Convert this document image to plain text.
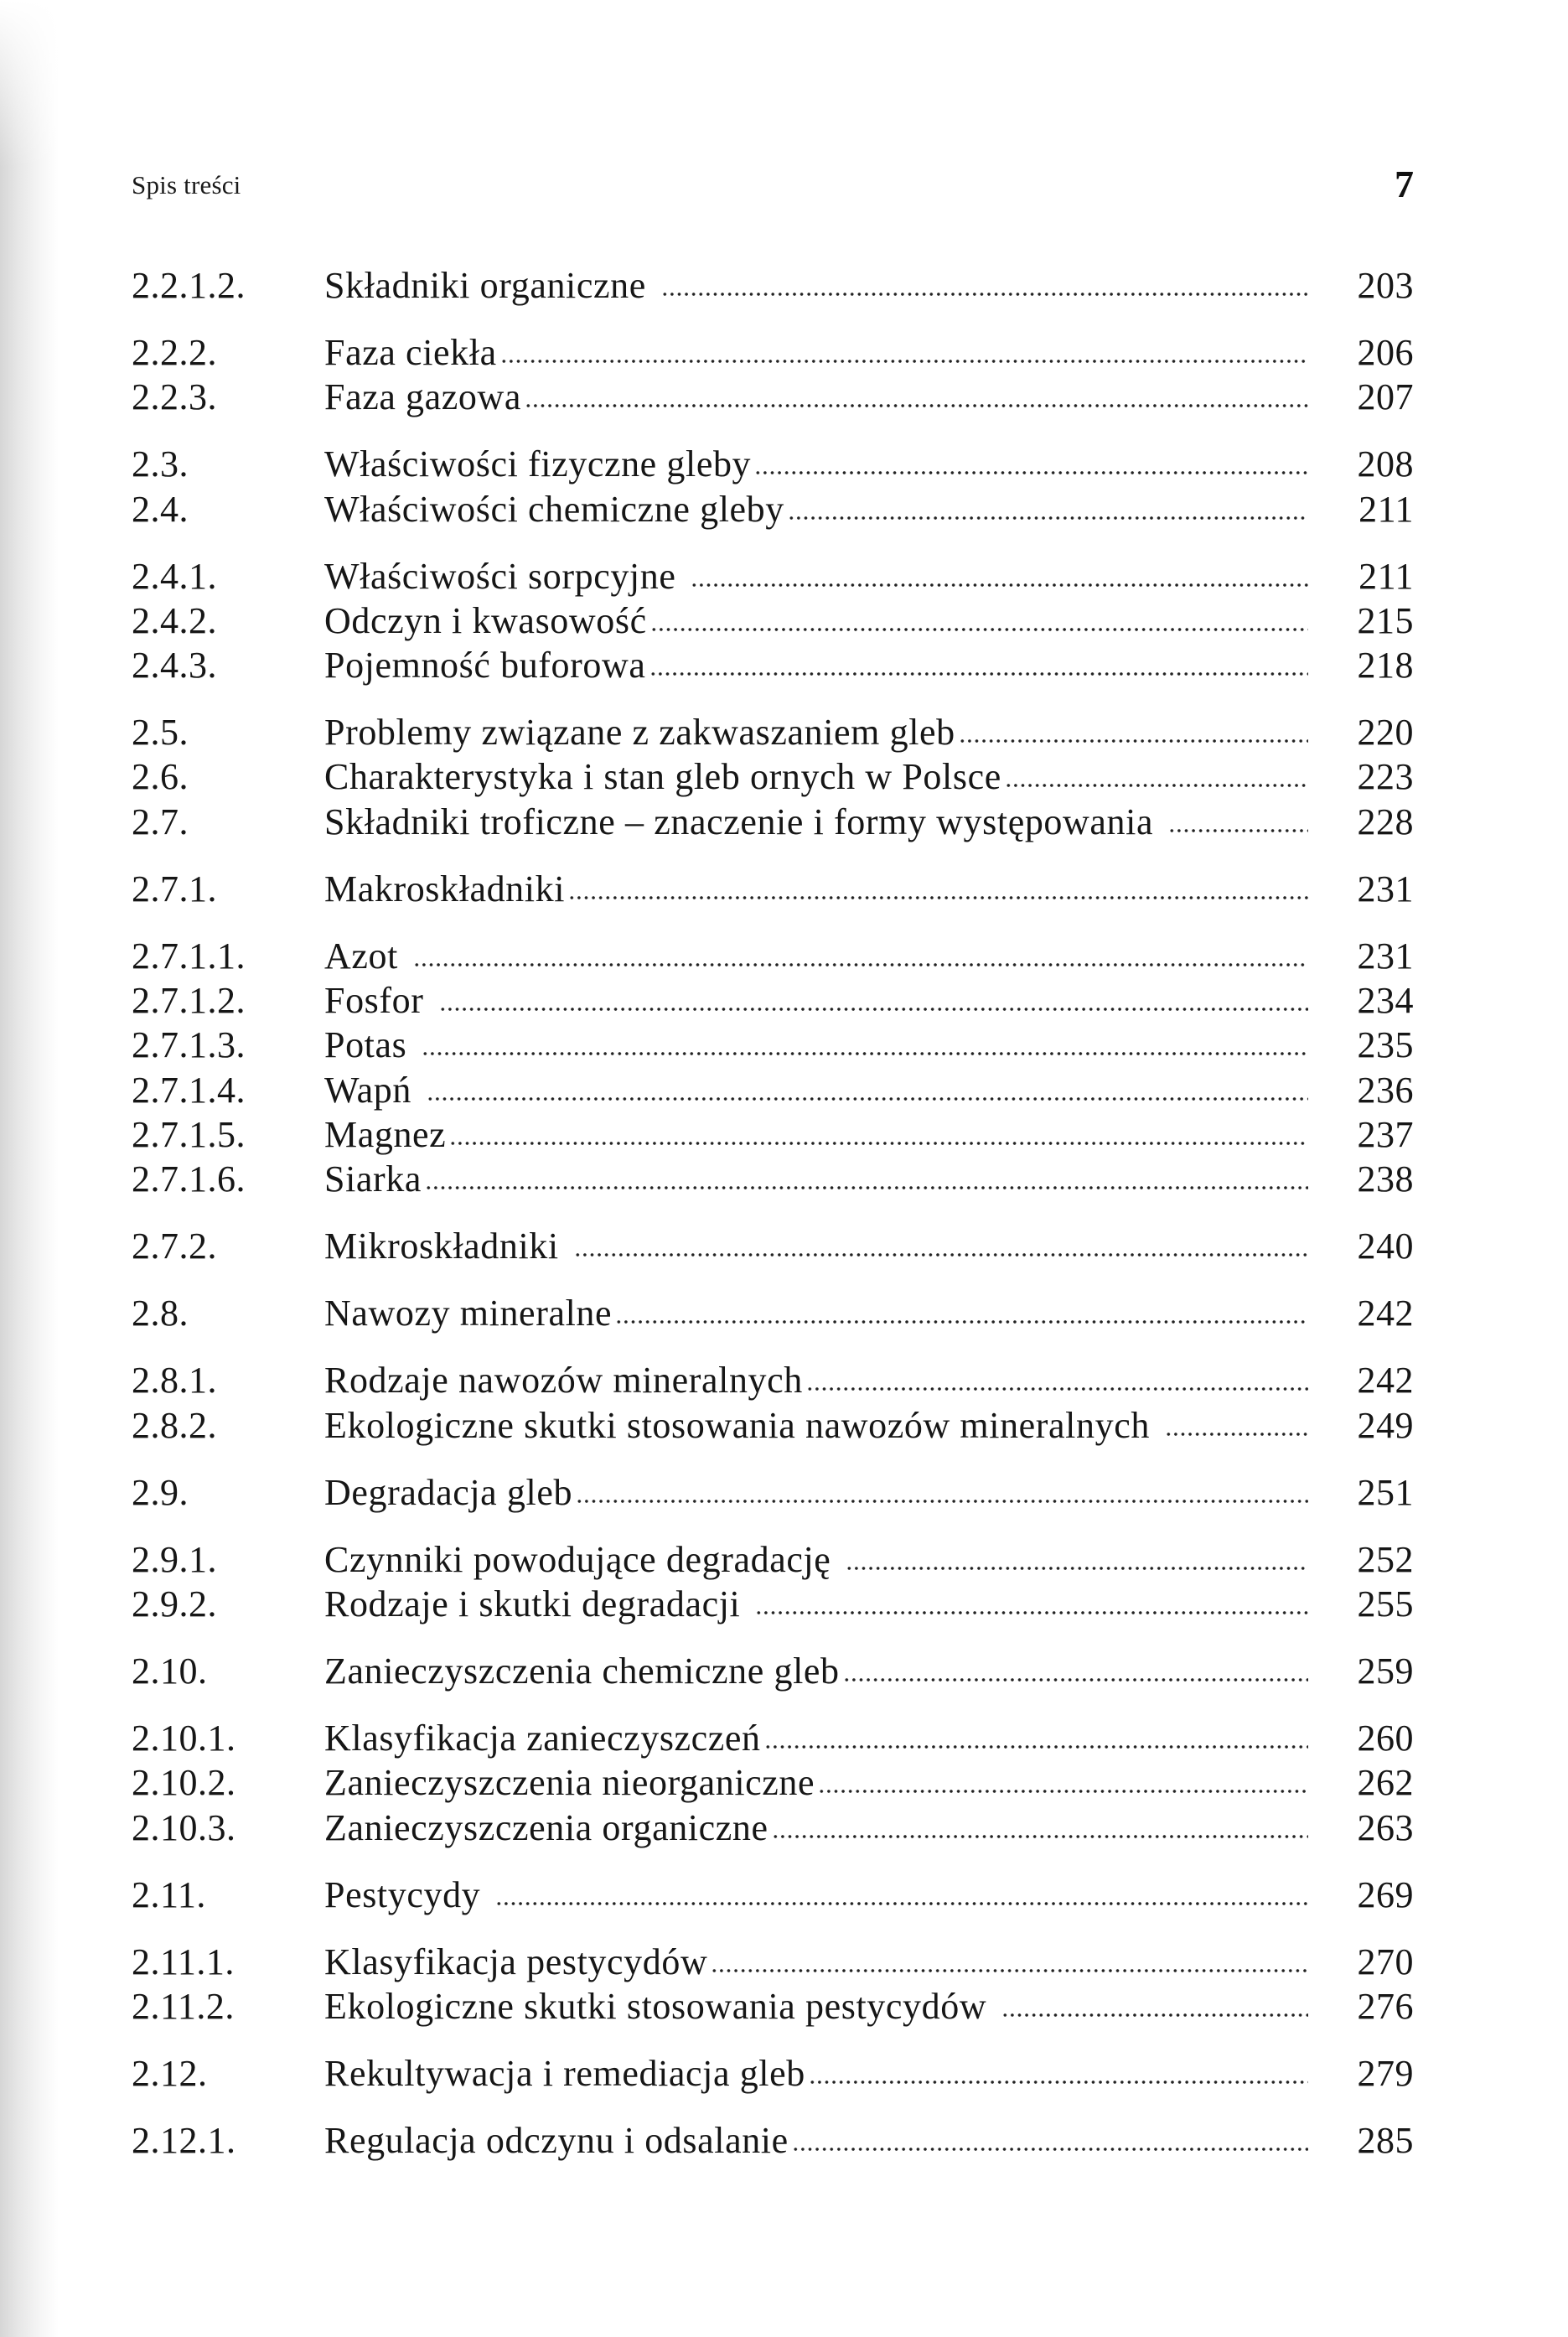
Spis treści	7
2.2.1.2. Składniki organiczne	203
2.2.2.	Faza ciekła	206
2.2.3.	Faza gazowa	207
2.3.	Właściwości fizyczne gleby	208
2.4.	Właściwości chemiczne gleby	211
2.4.1.	Właściwości sorpcyjne	211
2.4.2.	Odczyn i kwasowość	215
2.4.3.	Pojemność buforowa	218
2.5.	Problemy związane z zakwaszaniem gleb	220
2.6.	Charakterystyka i stan gleb ornych w Polsce	223
2.7.	Składniki troficzne – znaczenie i formy występowania	228
2.7.1.	Makroskładniki	231
2.7.1.1. Azot	231
2.7.1.2. Fosfor	234
2.7.1.3. Potas	235
2.7.1.4. Wapń	236
2.7.1.5. Magnez	237
2.7.1.6. Siarka	238
2.7.2.	Mikroskładniki	240
2.8.	Nawozy mineralne	242
2.8.1.	Rodzaje nawozów mineralnych	242
2.8.2.	Ekologiczne skutki stosowania nawozów mineralnych	249
2.9.	Degradacja gleb	251
2.9.1.	Czynniki powodujące degradację	252
2.9.2.	Rodzaje i skutki degradacji	255
2.10.	Zanieczyszczenia chemiczne gleb	259
2.10.1. Klasyfikacja zanieczyszczeń	260
2.10.2. Zanieczyszczenia nieorganiczne	262
2.10.3. Zanieczyszczenia organiczne	263
2.11.	Pestycydy	269
2.11.1. Klasyfikacja pestycydów	270
2.11.2. Ekologiczne skutki stosowania pestycydów	276
2.12.	Rekultywacja i remediacja gleb	279
2.12.1. Regulacja odczynu i odsalanie	285
